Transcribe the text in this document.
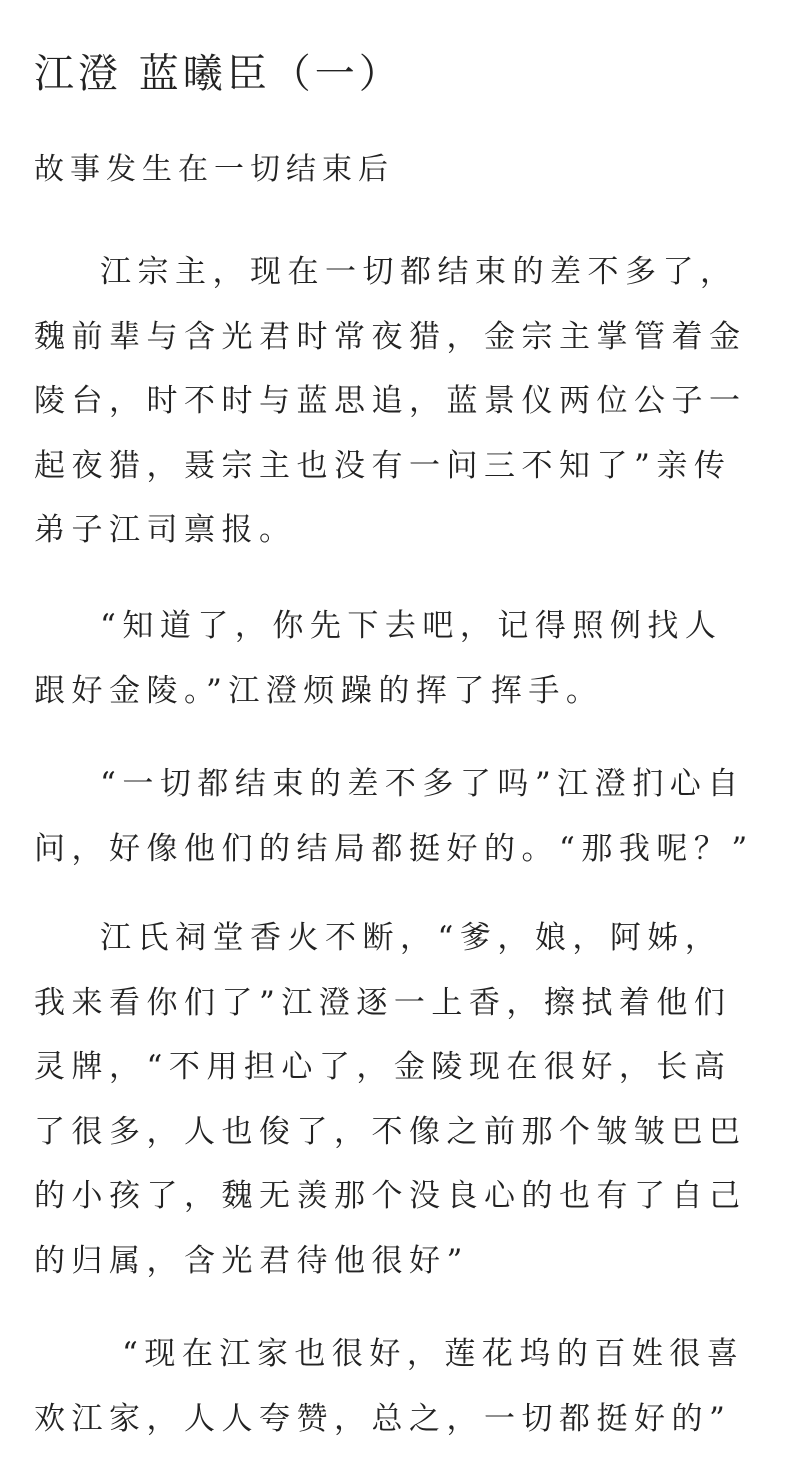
江澄 蓝曦臣（一）

故事发生在一切结束后

江宗主，现在一切都结束的差不多了，魏前辈与含光君时常夜猎，金宗主掌管着金陵台，时不时与蓝思追，蓝景仪两位公子一起夜猎，聂宗主也没有一问三不知了”亲传弟子江司禀报。

“知道了，你先下去吧，记得照例找人跟好金陵。”江澄烦躁的挥了挥手。

“一切都结束的差不多了吗”江澄扪心自问，好像他们的结局都挺好的。“那我呢？”

江氏祠堂香火不断，“爹，娘，阿姊，我来看你们了”江澄逐一上香，擦拭着他们灵牌，“不用担心了，金陵现在很好，长高了很多，人也俊了，不像之前那个皱皱巴巴的小孩了，魏无羡那个没良心的也有了自己的归属，含光君待他很好”

“现在江家也很好，莲花坞的百姓很喜欢江家，人人夸赞，总之，一切都挺好的”
